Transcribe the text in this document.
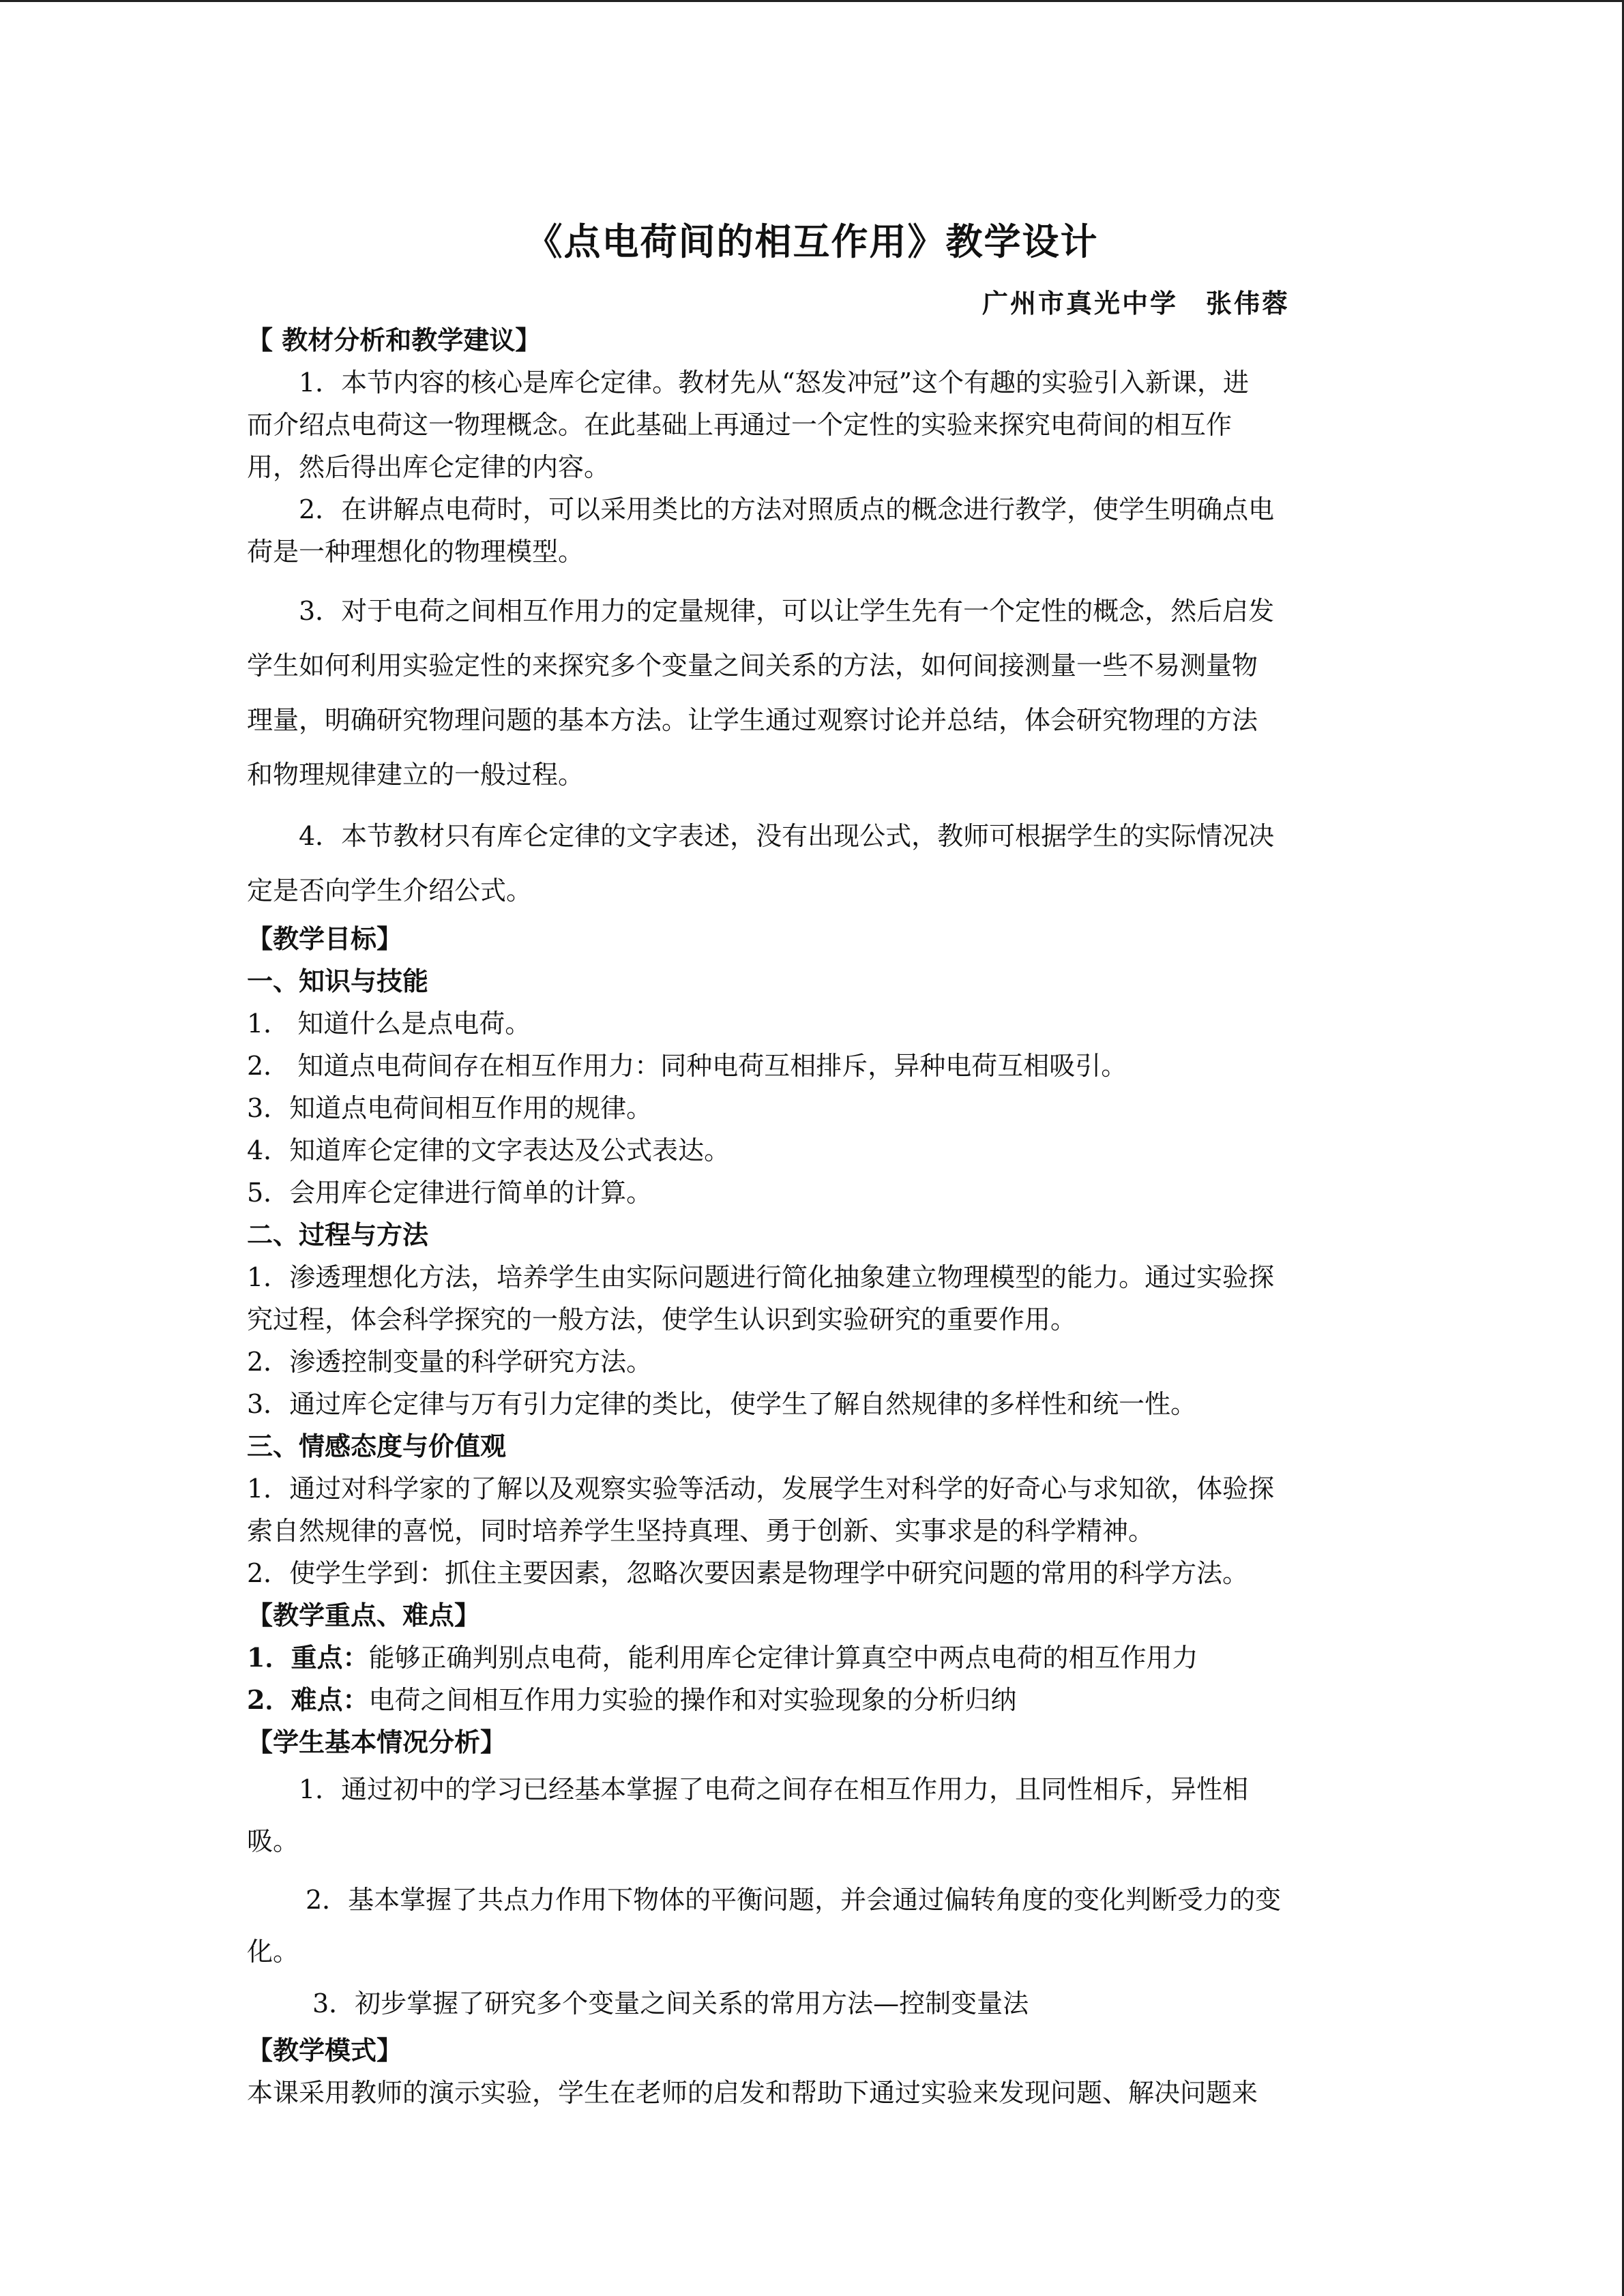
《点电荷间的相互作用》教学设计
广州市真光中学　张伟蓉
【 教材分析和教学建议】
1．本节内容的核心是库仑定律。教材先从“怒发冲冠”这个有趣的实验引入新课，进
而介绍点电荷这一物理概念。在此基础上再通过一个定性的实验来探究电荷间的相互作
用，然后得出库仑定律的内容。
2．在讲解点电荷时，可以采用类比的方法对照质点的概念进行教学，使学生明确点电
荷是一种理想化的物理模型。
3．对于电荷之间相互作用力的定量规律，可以让学生先有一个定性的概念，然后启发
学生如何利用实验定性的来探究多个变量之间关系的方法，如何间接测量一些不易测量物
理量，明确研究物理问题的基本方法。让学生通过观察讨论并总结，体会研究物理的方法
和物理规律建立的一般过程。
4．本节教材只有库仑定律的文字表述，没有出现公式，教师可根据学生的实际情况决
定是否向学生介绍公式。
【教学目标】
一、知识与技能
1． 知道什么是点电荷。
2． 知道点电荷间存在相互作用力：同种电荷互相排斥，异种电荷互相吸引。
3．知道点电荷间相互作用的规律。
4．知道库仑定律的文字表达及公式表达。
5．会用库仑定律进行简单的计算。
二、过程与方法
1．渗透理想化方法，培养学生由实际问题进行简化抽象建立物理模型的能力。通过实验探
究过程，体会科学探究的一般方法，使学生认识到实验研究的重要作用。
2．渗透控制变量的科学研究方法。
3．通过库仑定律与万有引力定律的类比，使学生了解自然规律的多样性和统一性。
三、情感态度与价值观
1．通过对科学家的了解以及观察实验等活动，发展学生对科学的好奇心与求知欲，体验探
索自然规律的喜悦，同时培养学生坚持真理、勇于创新、实事求是的科学精神。
2．使学生学到：抓住主要因素，忽略次要因素是物理学中研究问题的常用的科学方法。
【教学重点、难点】
1．重点：能够正确判别点电荷，能利用库仑定律计算真空中两点电荷的相互作用力
2．难点：电荷之间相互作用力实验的操作和对实验现象的分析归纳
【学生基本情况分析】
1．通过初中的学习已经基本掌握了电荷之间存在相互作用力，且同性相斥，异性相
吸。
2．基本掌握了共点力作用下物体的平衡问题，并会通过偏转角度的变化判断受力的变
化。
3．初步掌握了研究多个变量之间关系的常用方法—控制变量法
【教学模式】
本课采用教师的演示实验，学生在老师的启发和帮助下通过实验来发现问题、解决问题来
